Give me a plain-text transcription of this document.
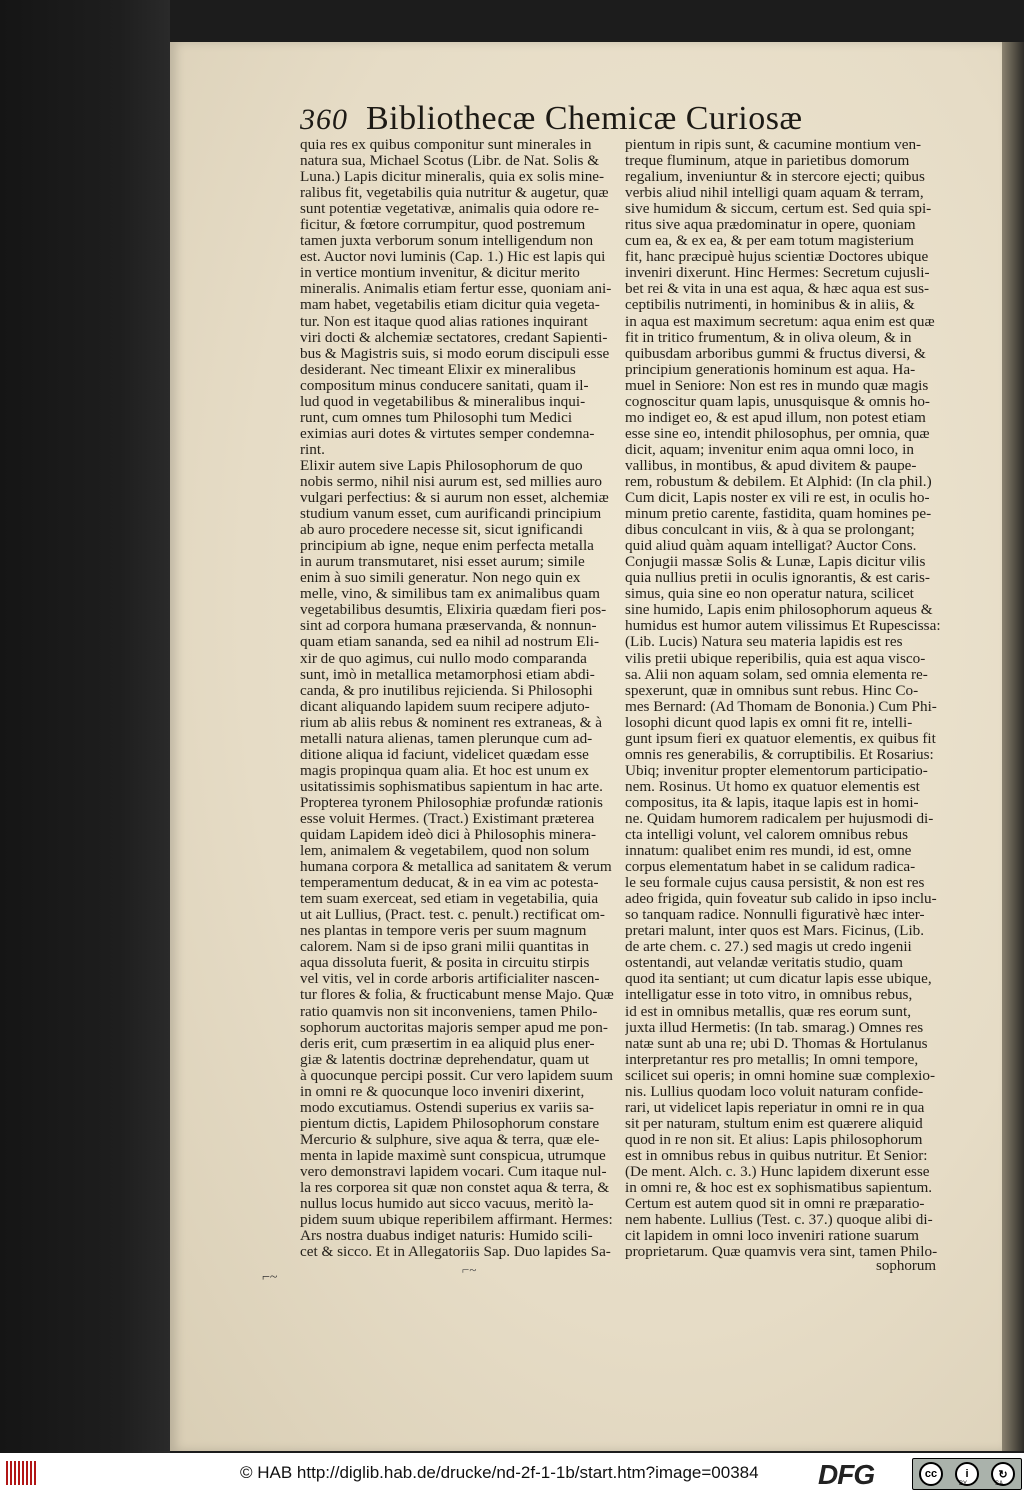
360 Bibliothecæ Chemicæ Curiosæ
quia res ex quibus componitur sunt minerales in
natura sua, Michael Scotus (Libr. de Nat. Solis &
Luna.) Lapis dicitur mineralis, quia ex solis mine-
ralibus fit, vegetabilis quia nutritur & augetur, quæ
sunt potentiæ vegetativæ, animalis quia odore re-
ficitur, & fœtore corrumpitur, quod postremum
tamen juxta verborum sonum intelligendum non
est. Auctor novi luminis (Cap. 1.) Hic est lapis qui
in vertice montium invenitur, & dicitur merito
mineralis. Animalis etiam fertur esse, quoniam ani-
mam habet, vegetabilis etiam dicitur quia vegeta-
tur. Non est itaque quod alias rationes inquirant
viri docti & alchemiæ sectatores, credant Sapienti-
bus & Magistris suis, si modo eorum discipuli esse
desiderant. Nec timeant Elixir ex mineralibus
compositum minus conducere sanitati, quam il-
lud quod in vegetabilibus & mineralibus inqui-
runt, cum omnes tum Philosophi tum Medici
eximias auri dotes & virtutes semper condemna-
rint.
Elixir autem sive Lapis Philosophorum de quo
nobis sermo, nihil nisi aurum est, sed millies auro
vulgari perfectius: & si aurum non esset, alchemiæ
studium vanum esset, cum aurificandi principium
ab auro procedere necesse sit, sicut ignificandi
principium ab igne, neque enim perfecta metalla
in aurum transmutaret, nisi esset aurum; simile
enim à suo simili generatur. Non nego quin ex
melle, vino, & similibus tam ex animalibus quam
vegetabilibus desumtis, Elixiria quædam fieri pos-
sint ad corpora humana præservanda, & nonnun-
quam etiam sananda, sed ea nihil ad nostrum Eli-
xir de quo agimus, cui nullo modo comparanda
sunt, imò in metallica metamorphosi etiam abdi-
canda, & pro inutilibus rejicienda. Si Philosophi
dicant aliquando lapidem suum recipere adjuto-
rium ab aliis rebus & nominent res extraneas, & à
metalli natura alienas, tamen plerunque cum ad-
ditione aliqua id faciunt, videlicet quædam esse
magis propinqua quam alia. Et hoc est unum ex
usitatissimis sophismatibus sapientum in hac arte.
Propterea tyronem Philosophiæ profundæ rationis
esse voluit Hermes. (Tract.) Existimant præterea
quidam Lapidem ideò dici à Philosophis minera-
lem, animalem & vegetabilem, quod non solum
humana corpora & metallica ad sanitatem & verum
temperamentum deducat, & in ea vim ac potesta-
tem suam exerceat, sed etiam in vegetabilia, quia
ut ait Lullius, (Pract. test. c. penult.) rectificat om-
nes plantas in tempore veris per suum magnum
calorem. Nam si de ipso grani milii quantitas in
aqua dissoluta fuerit, & posita in circuitu stirpis
vel vitis, vel in corde arboris artificialiter nascen-
tur flores & folia, & fructicabunt mense Majo. Quæ
ratio quamvis non sit inconveniens, tamen Philo-
sophorum auctoritas majoris semper apud me pon-
deris erit, cum præsertim in ea aliquid plus ener-
giæ & latentis doctrinæ deprehendatur, quam ut
à quocunque percipi possit. Cur vero lapidem suum
in omni re & quocunque loco inveniri dixerint,
modo excutiamus. Ostendi superius ex variis sa-
pientum dictis, Lapidem Philosophorum constare
Mercurio & sulphure, sive aqua & terra, quæ ele-
menta in lapide maximè sunt conspicua, utrumque
vero demonstravi lapidem vocari. Cum itaque nul-
la res corporea sit quæ non constet aqua & terra, &
nullus locus humido aut sicco vacuus, meritò la-
pidem suum ubique reperibilem affirmant. Hermes:
Ars nostra duabus indiget naturis: Humido scili-
cet & sicco. Et in Allegatoriis Sap. Duo lapides Sa-
pientum in ripis sunt, & cacumine montium ven-
treque fluminum, atque in parietibus domorum
regalium, inveniuntur & in stercore ejecti; quibus
verbis aliud nihil intelligi quam aquam & terram,
sive humidum & siccum, certum est. Sed quia spi-
ritus sive aqua prædominatur in opere, quoniam
cum ea, & ex ea, & per eam totum magisterium
fit, hanc præcipuè hujus scientiæ Doctores ubique
inveniri dixerunt. Hinc Hermes: Secretum cujusli-
bet rei & vita in una est aqua, & hæc aqua est sus-
ceptibilis nutrimenti, in hominibus & in aliis, &
in aqua est maximum secretum: aqua enim est quæ
fit in tritico frumentum, & in oliva oleum, & in
quibusdam arboribus gummi & fructus diversi, &
principium generationis hominum est aqua. Ha-
muel in Seniore: Non est res in mundo quæ magis
cognoscitur quam lapis, unusquisque & omnis ho-
mo indiget eo, & est apud illum, non potest etiam
esse sine eo, intendit philosophus, per omnia, quæ
dicit, aquam; invenitur enim aqua omni loco, in
vallibus, in montibus, & apud divitem & paupe-
rem, robustum & debilem. Et Alphid: (In cla phil.)
Cum dicit, Lapis noster ex vili re est, in oculis ho-
minum pretio carente, fastidita, quam homines pe-
dibus conculcant in viis, & à qua se prolongant;
quid aliud quàm aquam intelligat? Auctor Cons.
Conjugii massæ Solis & Lunæ, Lapis dicitur vilis
quia nullius pretii in oculis ignorantis, & est caris-
simus, quia sine eo non operatur natura, scilicet
sine humido, Lapis enim philosophorum aqueus &
humidus est humor autem vilissimus Et Rupescissa:
(Lib. Lucis) Natura seu materia lapidis est res
vilis pretii ubique reperibilis, quia est aqua visco-
sa. Alii non aquam solam, sed omnia elementa re-
spexerunt, quæ in omnibus sunt rebus. Hinc Co-
mes Bernard: (Ad Thomam de Bononia.) Cum Phi-
losophi dicunt quod lapis ex omni fit re, intelli-
gunt ipsum fieri ex quatuor elementis, ex quibus fit
omnis res generabilis, & corruptibilis. Et Rosarius:
Ubiq; invenitur propter elementorum participatio-
nem. Rosinus. Ut homo ex quatuor elementis est
compositus, ita & lapis, itaque lapis est in homi-
ne. Quidam humorem radicalem per hujusmodi di-
cta intelligi volunt, vel calorem omnibus rebus
innatum: qualibet enim res mundi, id est, omne
corpus elementatum habet in se calidum radica-
le seu formale cujus causa persistit, & non est res
adeo frigida, quin foveatur sub calido in ipso inclu-
so tanquam radice. Nonnulli figurativè hæc inter-
pretari malunt, inter quos est Mars. Ficinus, (Lib.
de arte chem. c. 27.) sed magis ut credo ingenii
ostentandi, aut velandæ veritatis studio, quam
quod ita sentiant; ut cum dicatur lapis esse ubique,
intelligatur esse in toto vitro, in omnibus rebus,
id est in omnibus metallis, quæ res eorum sunt,
juxta illud Hermetis: (In tab. smarag.) Omnes res
natæ sunt ab una re; ubi D. Thomas & Hortulanus
interpretantur res pro metallis; In omni tempore,
scilicet sui operis; in omni homine suæ complexio-
nis. Lullius quodam loco voluit naturam confide-
rari, ut videlicet lapis reperiatur in omni re in qua
sit per naturam, stultum enim est quærere aliquid
quod in re non sit. Et alius: Lapis philosophorum
est in omnibus rebus in quibus nutritur. Et Senior:
(De ment. Alch. c. 3.) Hunc lapidem dixerunt esse
in omni re, & hoc est ex sophismatibus sapientum.
Certum est autem quod sit in omni re præparatio-
nem habente. Lullius (Test. c. 37.) quoque alibi di-
cit lapidem in omni loco inveniri ratione suarum
proprietarum. Quæ quamvis vera sint, tamen Philo-
sophorum
⌐~
⌐~
© HAB http://diglib.hab.de/drucke/nd-2f-1-1b/start.htm?image=00384 DFG	cc	i	↻
BY	SA
